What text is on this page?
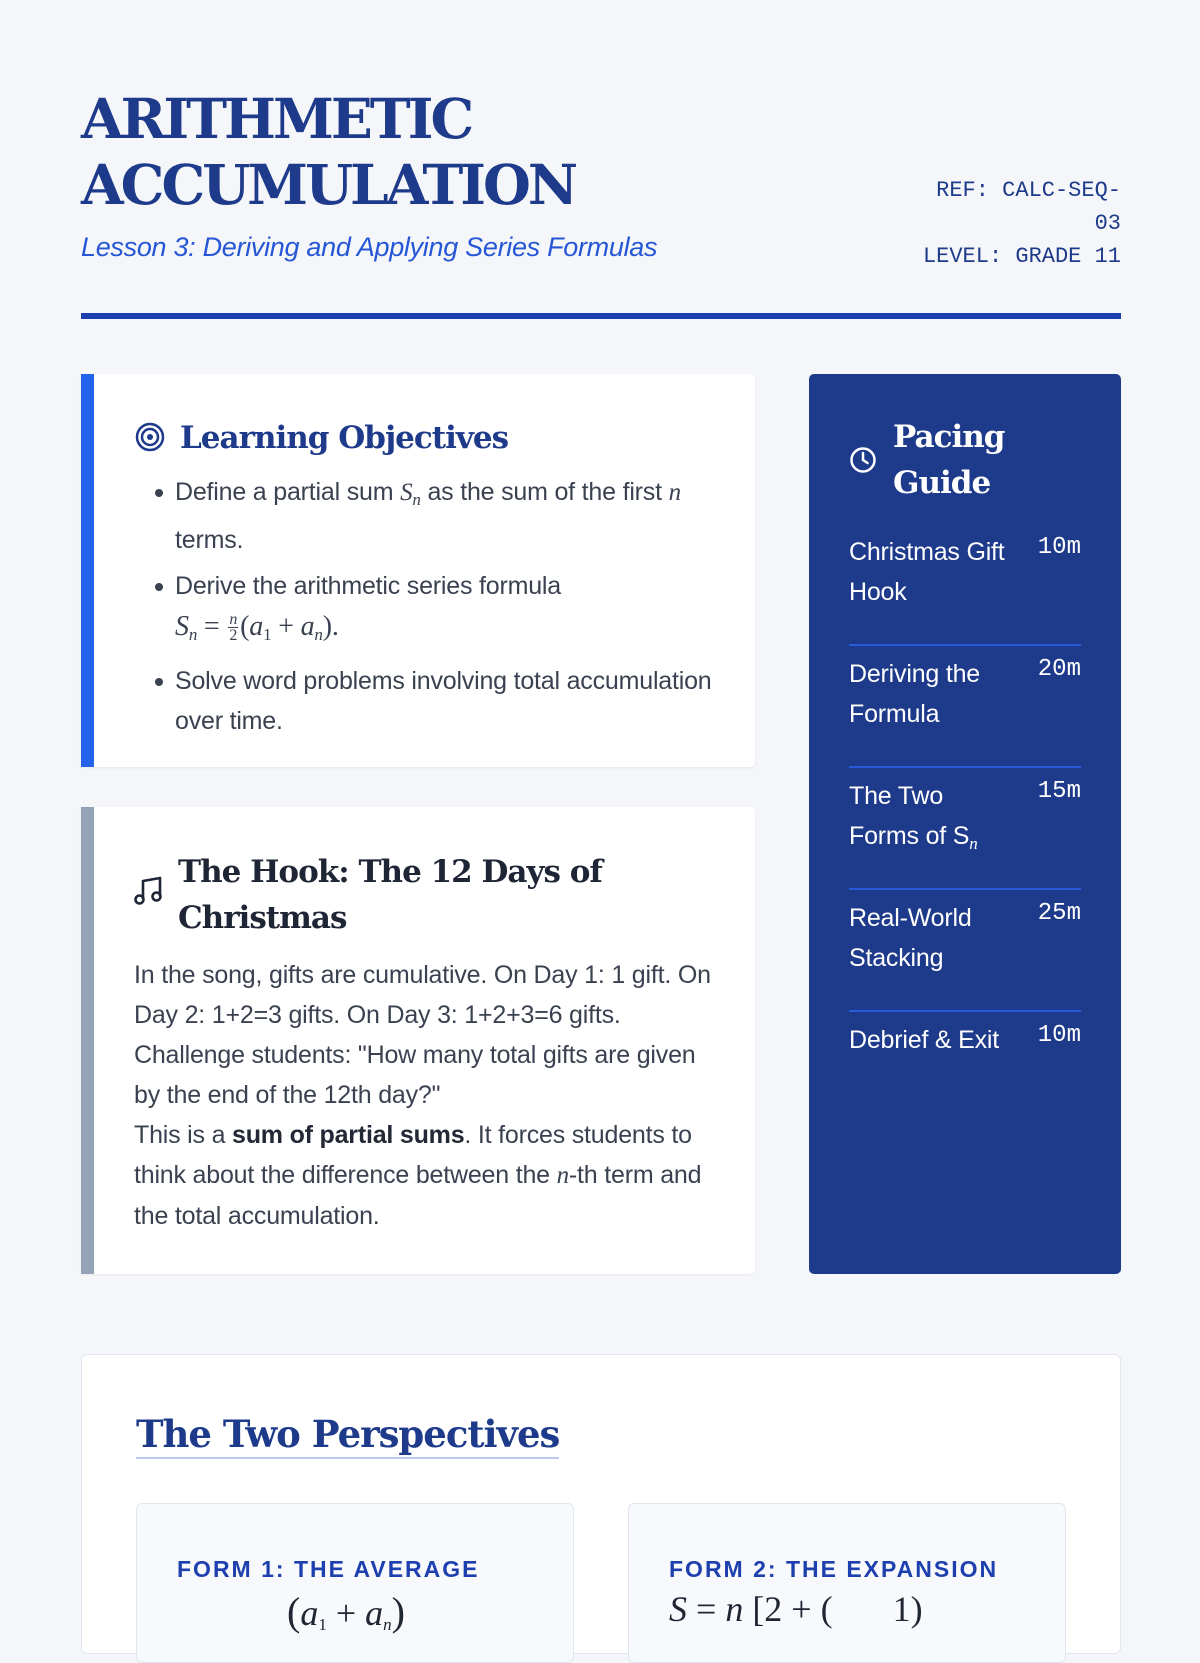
ARITHMETIC
ACCUMULATION
Lesson 3: Deriving and Applying Series Formulas
REF: CALC-SEQ-
03
LEVEL: GRADE 11
Learning Objectives
Define a partial sum $S_n$ as the sum of the first n terms.
Derive the arithmetic series formula
$S_n = \frac{n}{2} (a_1 + a_n)$.
Solve word problems involving total accumulation over time.
The Hook: The 12 Days of Christmas
In the song, gifts are cumulative. On Day 1: 1 gift. On Day 2: 1+2=3 gifts. On Day 3: 1+2+3=6 gifts. Challenge students: "How many total gifts are given by the end of the 12th day?"
This is a sum of partial sums. It forces students to think about the difference between the n-th term and the total accumulation.
Pacing Guide
Christmas Gift Hook
10m
Deriving the Formula
20m
The Two Forms of $S_n$
15m
Real-World Stacking
25m
Debrief & Exit	10m
The Two Perspectives
FORM 1: THE AVERAGE
$(a_1 + a_n)$
FORM 2: THE EXPANSION
S = n [2 + ( 1)
